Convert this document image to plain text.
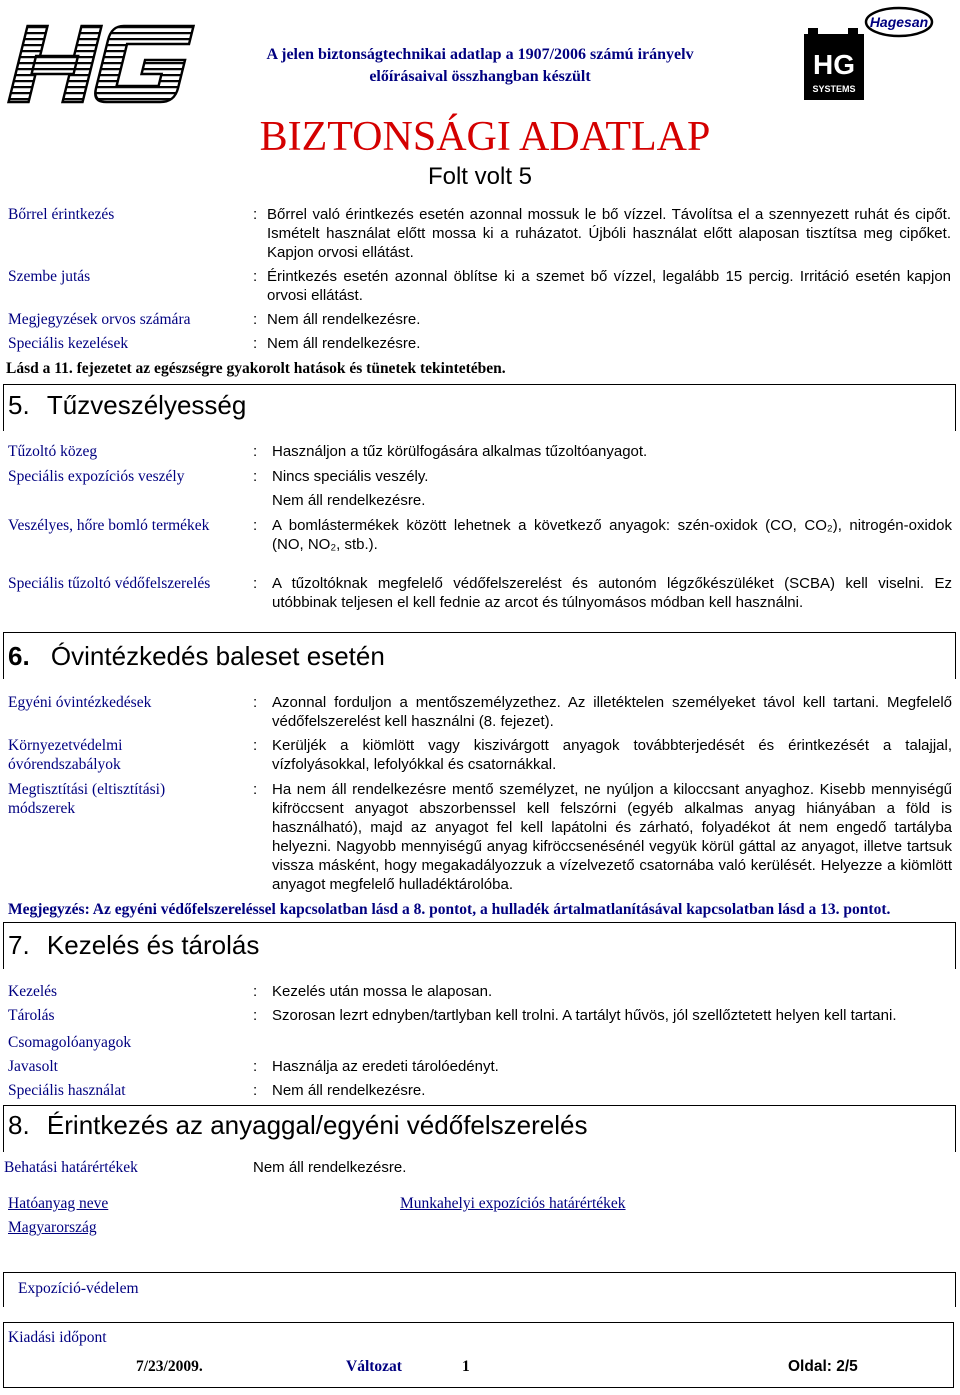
A jelen biztonságtechnikai adatlap a 1907/2006 számú irányelv
előírásaival összhangban készült	HG
SYSTEMS
Hagesan
BIZTONSÁGI ADATLAP
Folt volt 5
Bőrrel érintkezés	: Bőrrel való érintkezés esetén azonnal mossuk le bő vízzel. Távolítsa el a szennyezett ruhát és cipőt. Ismételt használat előtt mossa ki a ruházatot. Újbóli használat előtt alaposan tisztítsa meg cipőket. Kapjon orvosi ellátást.
Szembe jutás	: Érintkezés esetén azonnal öblítse ki a szemet bő vízzel, legalább 15 percig. Irritáció esetén kapjon orvosi ellátást.
Megjegyzések orvos számára	: Nem áll rendelkezésre.
Speciális kezelések	: Nem áll rendelkezésre.
Lásd a 11. fejezetet az egészségre gyakorolt hatások és tünetek tekintetében.
5. Tűzveszélyesség
Tűzoltó közeg	: Használjon a tűz körülfogására alkalmas tűzoltóanyagot.
Speciális expozíciós veszély	: Nincs speciális veszély.
Nem áll rendelkezésre.
Veszélyes, hőre bomló termékek	: A bomlástermékek között lehetnek a következő anyagok: szén-oxidok (CO, CO₂), nitrogén-oxidok (NO, NO₂, stb.).
Speciális tűzoltó védőfelszerelés	: A tűzoltóknak megfelelő védőfelszerelést és autonóm légzőkészüléket (SCBA) kell viselni. Ez utóbbinak teljesen el kell fednie az arcot és túlnyomásos módban kell használni.
6. Óvintézkedés baleset esetén
Egyéni óvintézkedések	: Azonnal forduljon a mentőszemélyzethez. Az illetéktelen személyeket távol kell tartani. Megfelelő védőfelszerelést kell használni (8. fejezet).
Környezetvédelmi
óvórendszabályok
: Kerüljék a kiömlött vagy kiszivárgott anyagok továbbterjedését és érintkezését a talajjal, vízfolyásokkal, lefolyókkal és csatornákkal.
Megtisztítási (eltisztítási)
módszerek
: Ha nem áll rendelkezésre mentő személyzet, ne nyúljon a kiloccsant anyaghoz. Kisebb mennyiségű kifröccsent anyagot abszorbenssel kell felszórni (egyéb alkalmas anyag hiányában a föld is használható), majd az anyagot fel kell lapátolni és zárható, folyadékot át nem engedő tartályba helyezni. Nagyobb mennyiségű anyag kifröccsenésénél vegyük körül gáttal az anyagot, illetve tartsuk vissza másként, hogy megakadályozzuk a vízelvezető csatornába való kerülését. Helyezze a kiömlött anyagot megfelelő hulladéktárolóba.
Megjegyzés: Az egyéni védőfelszereléssel kapcsolatban lásd a 8. pontot, a hulladék ártalmatlanításával kapcsolatban lásd a 13. pontot.
7. Kezelés és tárolás
Kezelés	: Kezelés után mossa le alaposan.
Tárolás	: Szorosan lezrt ednyben/tartlyban kell trolni. A tartályt hűvös, jól szellőztetett helyen kell tartani.
Csomagolóanyagok
Javasolt	: Használja az eredeti tárolóedényt.
Speciális használat	: Nem áll rendelkezésre.
8. Érintkezés az anyaggal/egyéni védőfelszerelés
Behatási határértékek	Nem áll rendelkezésre.
Hatóanyag neve	Munkahelyi expozíciós határértékek
Magyarország
Expozíció-védelem
Kiadási időpont
7/23/2009.	Változat	1	Oldal: 2/5
